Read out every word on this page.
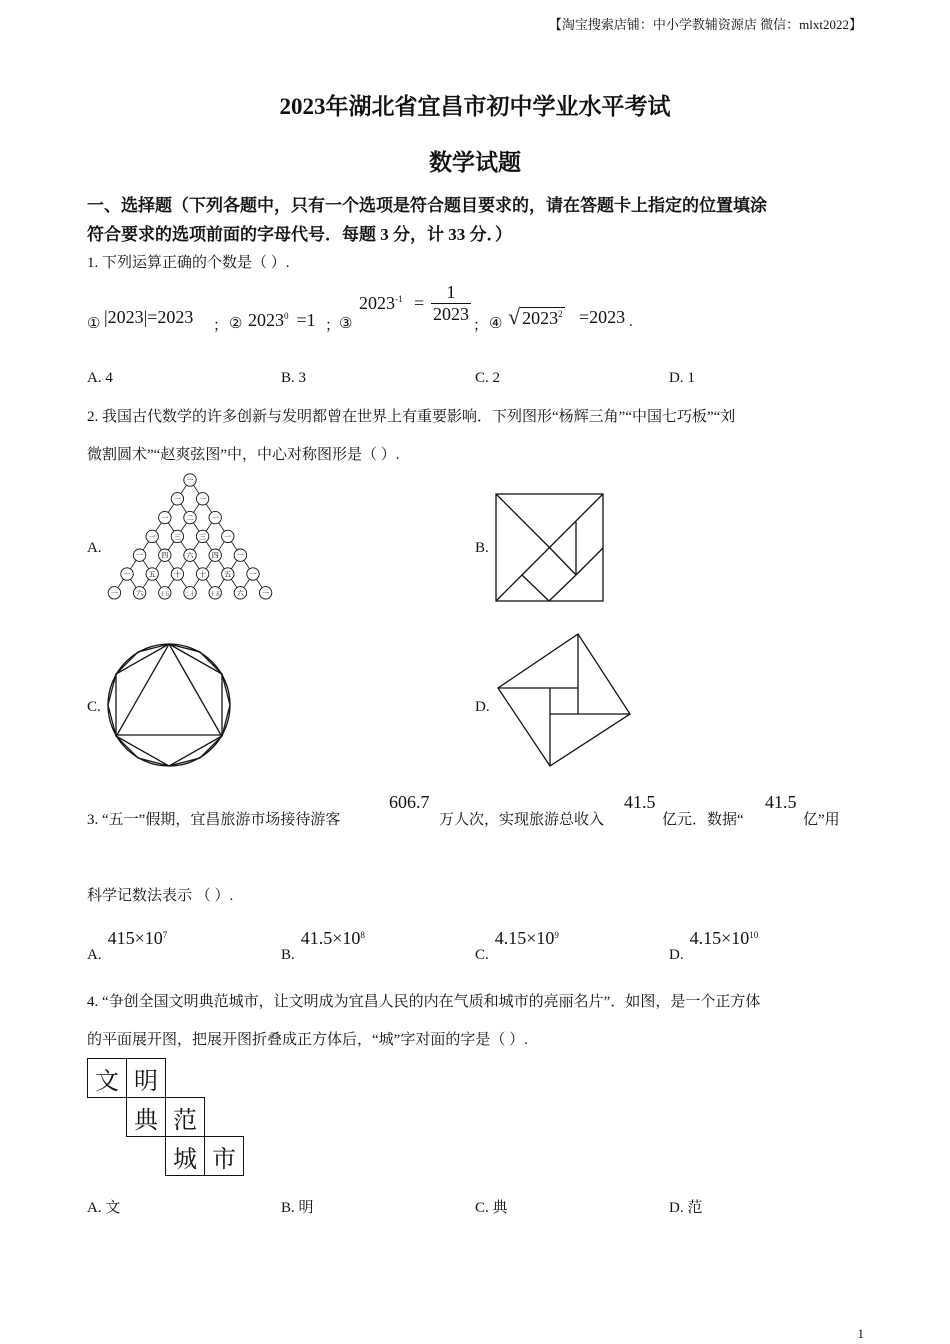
【淘宝搜索店铺：中小学教辅资源店 微信：mlxt2022】
2023年湖北省宜昌市初中学业水平考试
数学试题
一、选择题（下列各题中，只有一个选项是符合题目要求的，请在答题卡上指定的位置填涂
符合要求的选项前面的字母代号．每题 3 分，计 33 分．）
1. 下列运算正确的个数是（ ）.
① |2023|=2023 ； ② $2023^0 =1$ ；
③
$2023^{-1} = \frac{1}{2023}$
； ④ √ $2023^2 =2023$ .
A. 4	B. 3	C. 2	D. 1
2. 我国古代数学的许多创新与发明都曾在世界上有重要影响．下列图形“杨辉三角”“中国七巧板”“刘
微割圆术”“赵爽弦图”中，中心对称图形是（ ）.
A.
一
一	一
一	二	一
一	三	三	一
一	四	六	四	一
一	五	十	十	五	一
一	六	十五	二十	十五 六	一
B.
C.	D.
3. “五一”假期，宜昌旅游市场接待游客
606.7
万人次，实现旅游总收入
41.5
亿元．数据“
41.5
亿”用
科学记数法表示 （ ）.
$A.415\times 10^7$
$B.41.5\times 10^8$
$C.4.15\times 10^9$
$D.4.15\times 10^{10}$
4. “争创全国文明典范城市，让文明成为宜昌人民的内在气质和城市的亮丽名片”．如图，是一个正方体
的平面展开图，把展开图折叠成正方体后，“城”字对面的字是（ ）.
文	明		
	典	范	
		城	市
A. 文	B. 明	C. 典	D. 范
1
